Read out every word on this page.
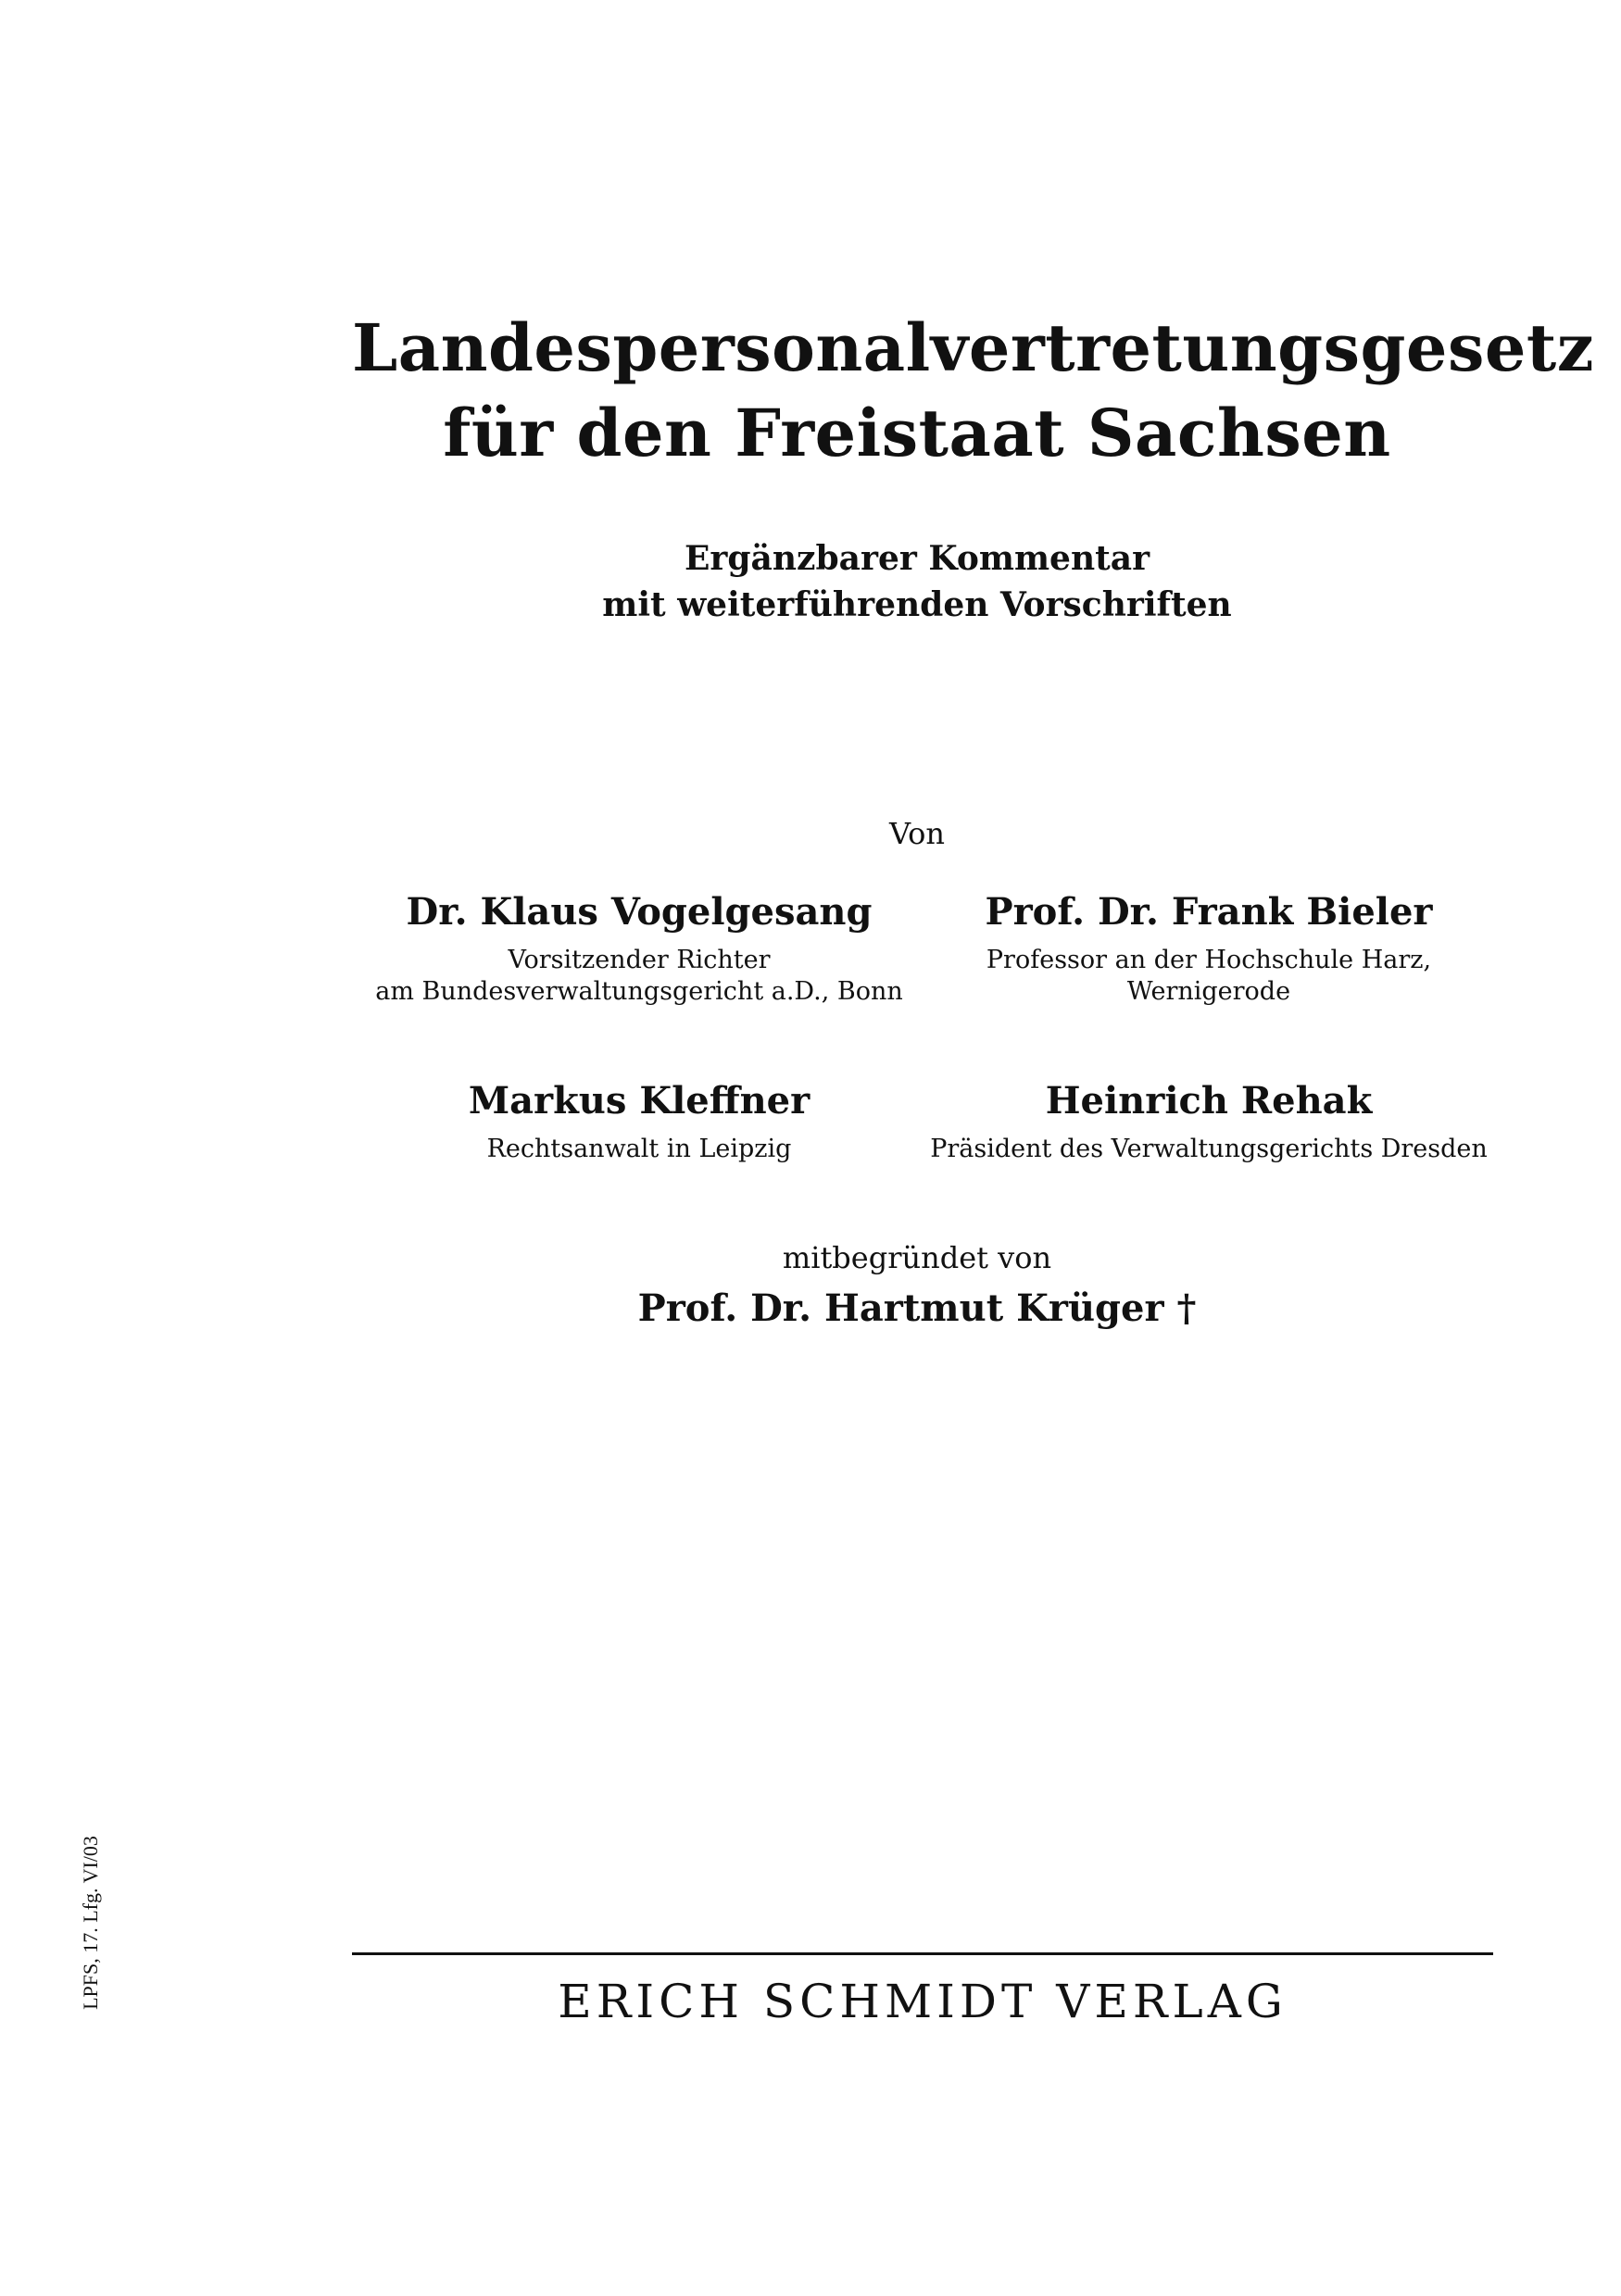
Landespersonalvertretungsgesetz
für den Freistaat Sachsen
Ergänzbarer Kommentar
mit weiterführenden Vorschriften
Von
Dr. Klaus Vogelgesang
Vorsitzender Richter
am Bundesverwaltungsgericht a.D., Bonn
Prof. Dr. Frank Bieler
Professor an der Hochschule Harz,
Wernigerode
Markus Kleffner
Rechtsanwalt in Leipzig
Heinrich Rehak
Präsident des Verwaltungsgerichts Dresden
mitbegründet von
Prof. Dr. Hartmut Krüger †
ERICH SCHMIDT VERLAG
LPFS, 17. Lfg. VI/03
